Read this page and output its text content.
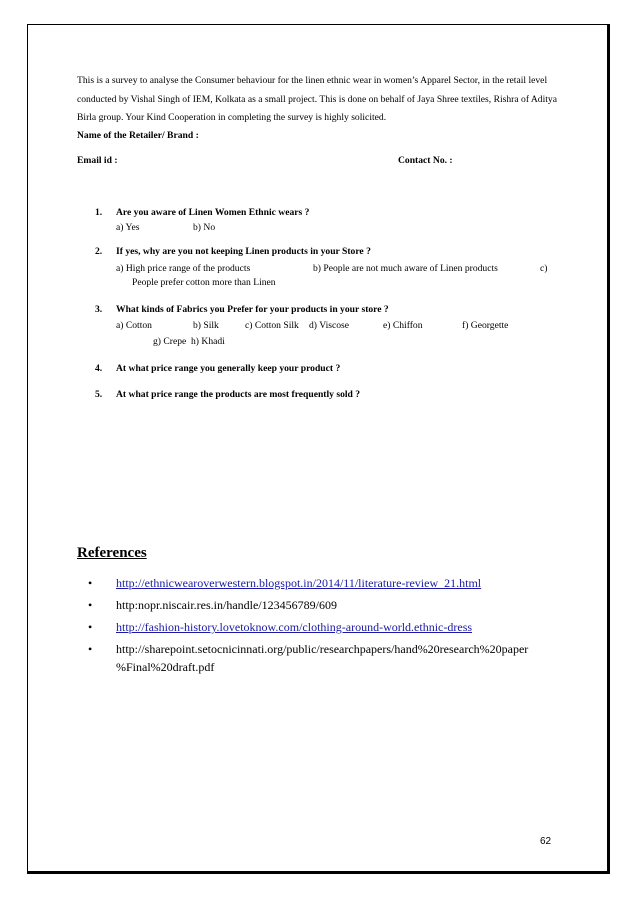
This is a survey to analyse the Consumer behaviour for the linen ethnic wear in women’s Apparel Sector, in the retail level conducted by Vishal Singh of IEM, Kolkata as a small project. This is done on behalf of Jaya Shree textiles, Rishra of Aditya Birla group. Your Kind Cooperation in completing the survey is highly solicited.
Name of the Retailer/ Brand :
Email id :	Contact No. :
1. Are you aware of Linen Women Ethnic wears ?
a) Yes	b) No
2. If yes, why are you not keeping Linen products in your Store ?
a) High price range of the products	b) People are not much aware of Linen products	c)
People prefer cotton more than Linen
3. What kinds of Fabrics you Prefer for your products in your store ?
a) Cotton	b) Silk	c) Cotton Silk d) Viscose	e) Chiffon	f) Georgette
g) Crepe h) Khadi
4. At what price range you generally keep your product ?
5. At what price range the products are most frequently sold ?
References
• http://ethnicwearoverwestern.blogspot.in/2014/11/literature-review_21.html
• http:nopr.niscair.res.in/handle/123456789/609
• http://fashion-history.lovetoknow.com/clothing-around-world.ethnic-dress
• http://sharepoint.setocnicinnati.org/public/researchpapers/hand%20research%20paper %Final%20draft.pdf
62
